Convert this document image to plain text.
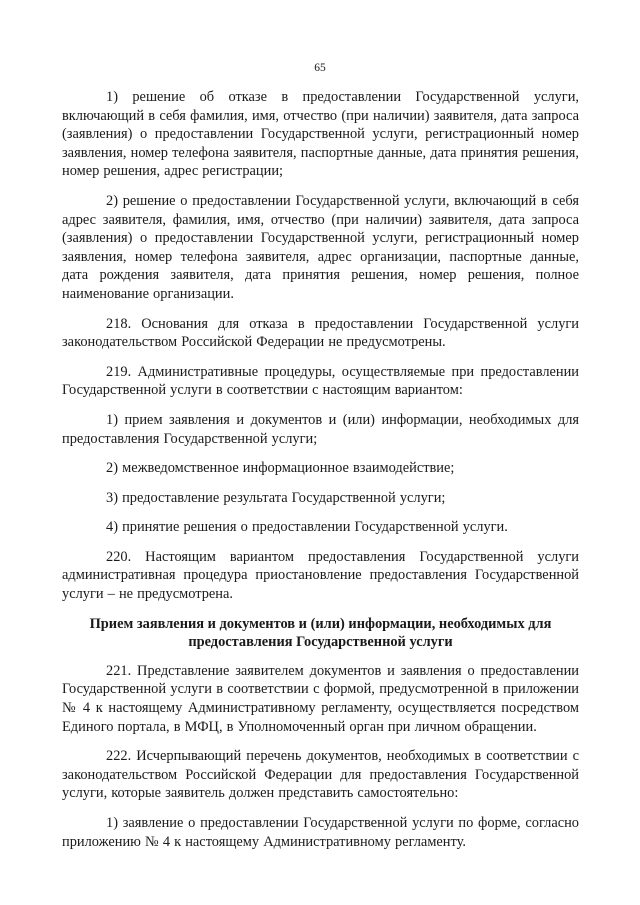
65

1) решение об отказе в предоставлении Государственной услуги, включающий в себя фамилия, имя, отчество (при наличии) заявителя, дата запроса (заявления) о предоставлении Государственной услуги, регистрационный номер заявления, номер телефона заявителя, паспортные данные, дата принятия решения, номер решения, адрес регистрации;

2) решение о предоставлении Государственной услуги, включающий в себя адрес заявителя, фамилия, имя, отчество (при наличии) заявителя, дата запроса (заявления) о предоставлении Государственной услуги, регистрационный номер заявления, номер телефона заявителя, адрес организации, паспортные данные, дата рождения заявителя, дата принятия решения, номер решения, полное наименование организации.

218. Основания для отказа в предоставлении Государственной услуги законодательством Российской Федерации не предусмотрены.

219. Административные процедуры, осуществляемые при предоставлении Государственной услуги в соответствии с настоящим вариантом:

1) прием заявления и документов и (или) информации, необходимых для предоставления Государственной услуги;

2) межведомственное информационное взаимодействие;

3) предоставление результата Государственной услуги;

4) принятие решения о предоставлении Государственной услуги.

220. Настоящим вариантом предоставления Государственной услуги административная процедура приостановление предоставления Государственной услуги – не предусмотрена.

Прием заявления и документов и (или) информации, необходимых для предоставления Государственной услуги

221. Представление заявителем документов и заявления о предоставлении Государственной услуги в соответствии с формой, предусмотренной в приложении № 4 к настоящему Административному регламенту, осуществляется посредством Единого портала, в МФЦ, в Уполномоченный орган при личном обращении.

222. Исчерпывающий перечень документов, необходимых в соответствии с законодательством Российской Федерации для предоставления Государственной услуги, которые заявитель должен представить самостоятельно:

1) заявление о предоставлении Государственной услуги по форме, согласно приложению № 4 к настоящему Административному регламенту.
